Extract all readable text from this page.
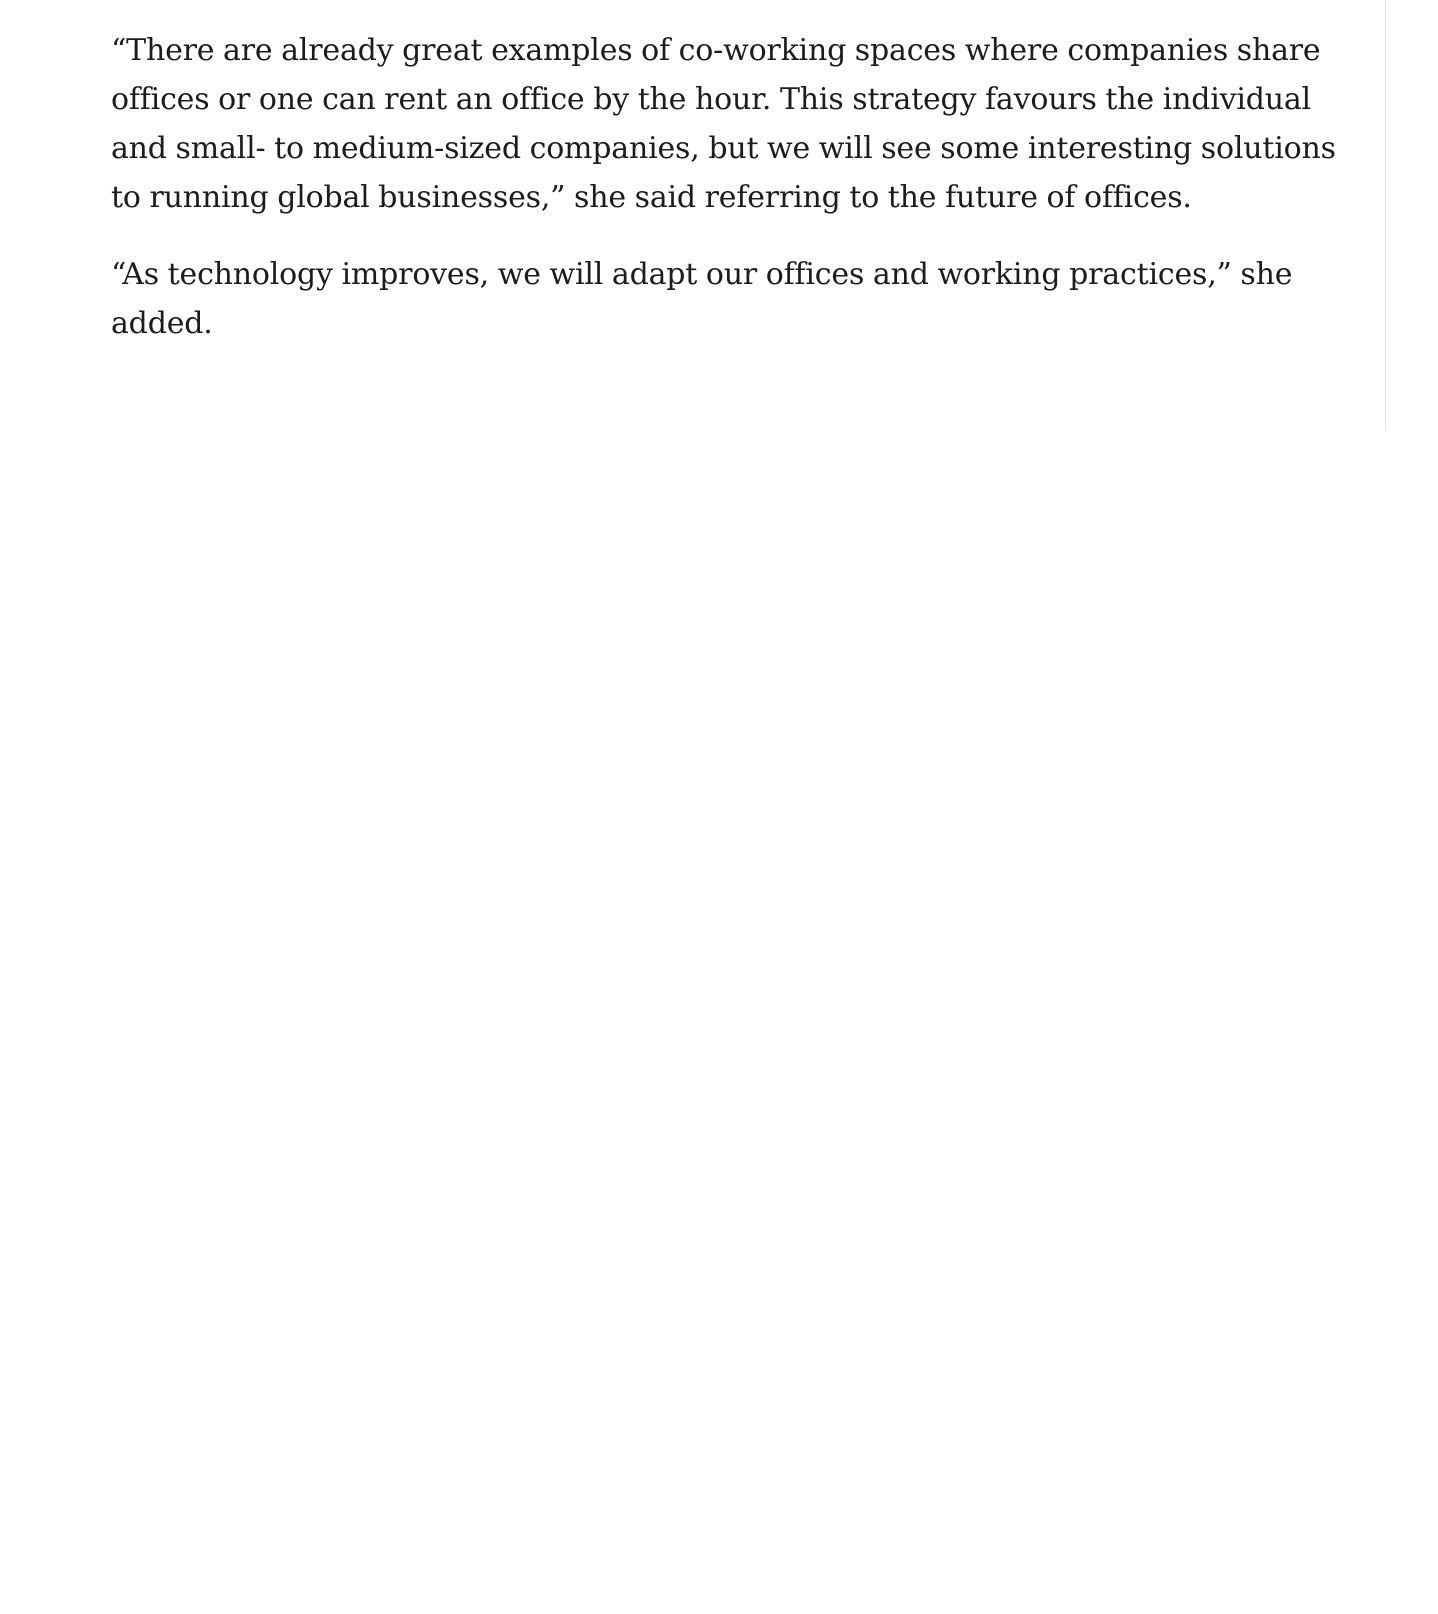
“There are already great examples of co-working spaces where companies share offices or one can rent an office by the hour. This strategy favours the individual and small- to medium-sized companies, but we will see some interesting solutions to running global businesses,” she said referring to the future of offices.

“As technology improves, we will adapt our offices and working practices,” she added.
